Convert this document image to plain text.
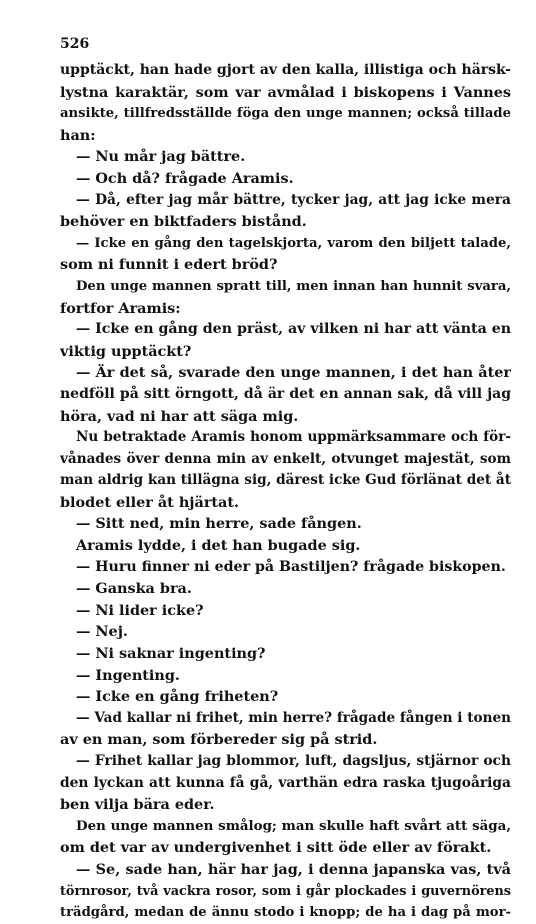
526
upptäckt, han hade gjort av den kalla, illistiga och härsk-
lystna karaktär, som var avmålad i biskopens i Vannes
ansikte, tillfredsställde föga den unge mannen; också tillade
han:
— Nu mår jag bättre.
— Och då? frågade Aramis.
— Då, efter jag mår bättre, tycker jag, att jag icke mera
behöver en biktfaders bistånd.
— Icke en gång den tagelskjorta, varom den biljett talade,
som ni funnit i edert bröd?
Den unge mannen spratt till, men innan han hunnit svara,
fortfor Aramis:
— Icke en gång den präst, av vilken ni har att vänta en
viktig upptäckt?
— Är det så, svarade den unge mannen, i det han åter
nedföll på sitt örngott, då är det en annan sak, då vill jag
höra, vad ni har att säga mig.
Nu betraktade Aramis honom uppmärksammare och för-
vånades över denna min av enkelt, otvunget majestät, som
man aldrig kan tillägna sig, därest icke Gud förlänat det åt
blodet eller åt hjärtat.
— Sitt ned, min herre, sade fången.
Aramis lydde, i det han bugade sig.
— Huru finner ni eder på Bastiljen? frågade biskopen.
— Ganska bra.
— Ni lider icke?
— Nej.
— Ni saknar ingenting?
— Ingenting.
— Icke en gång friheten?
— Vad kallar ni frihet, min herre? frågade fången i tonen
av en man, som förbereder sig på strid.
— Frihet kallar jag blommor, luft, dagsljus, stjärnor och
den lyckan att kunna få gå, varthän edra raska tjugoåriga
ben vilja bära eder.
Den unge mannen smålog; man skulle haft svårt att säga,
om det var av undergivenhet i sitt öde eller av förakt.
— Se, sade han, här har jag, i denna japanska vas, två
törnrosor, två vackra rosor, som i går plockades i guvernörens
trädgård, medan de ännu stodo i knopp; de ha i dag på mor-
